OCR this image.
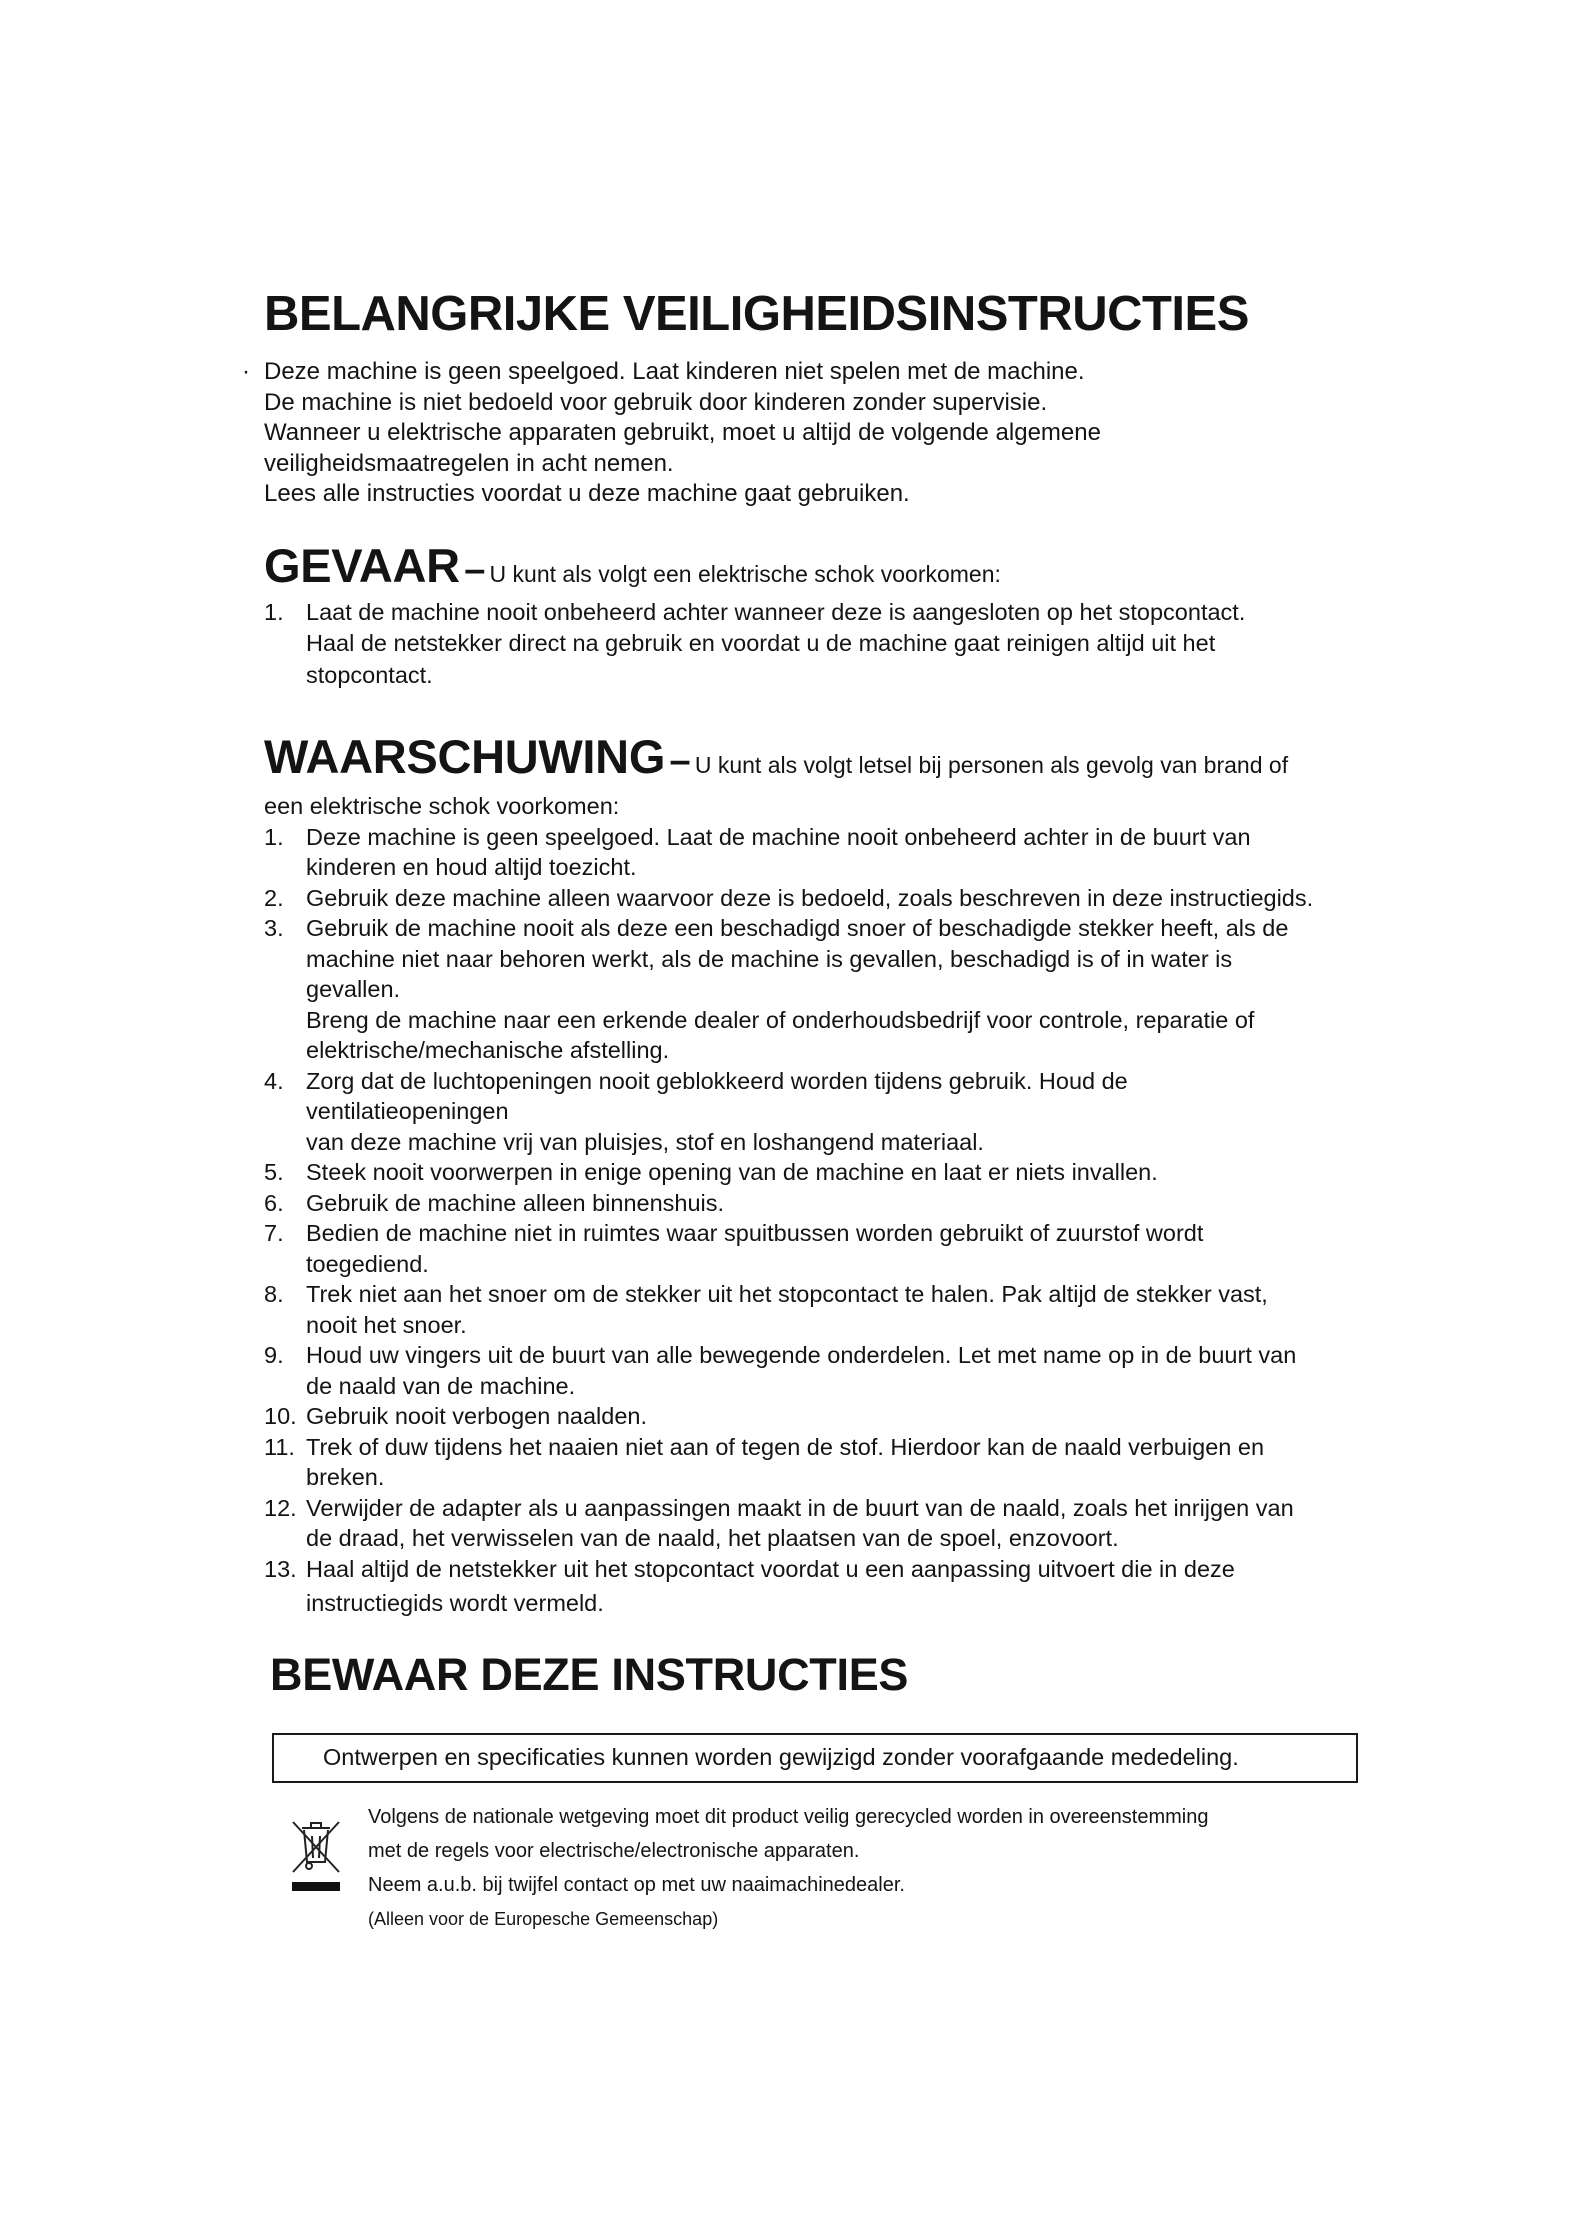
BELANGRIJKE VEILIGHEIDSINSTRUCTIES
· Deze machine is geen speelgoed. Laat kinderen niet spelen met de machine.

De machine is niet bedoeld voor gebruik door kinderen zonder supervisie.

Wanneer u elektrische apparaten gebruikt, moet u altijd de volgende algemene

veiligheidsmaatregelen in acht nemen.

Lees alle instructies voordat u deze machine gaat gebruiken.

GEVAAR – U kunt als volgt een elektrische schok voorkomen:
1. Laat de machine nooit onbeheerd achter wanneer deze is aangesloten op het stopcontact.

Haal de netstekker direct na gebruik en voordat u de machine gaat reinigen altijd uit het

stopcontact.

WAARSCHUWING – U kunt als volgt letsel bij personen als gevolg van brand of

een elektrische schok voorkomen:

1. Deze machine is geen speelgoed. Laat de machine nooit onbeheerd achter in de buurt van

kinderen en houd altijd toezicht.

2. Gebruik deze machine alleen waarvoor deze is bedoeld, zoals beschreven in deze instructiegids.

3. Gebruik de machine nooit als deze een beschadigd snoer of beschadigde stekker heeft, als de

machine niet naar behoren werkt, als de machine is gevallen, beschadigd is of in water is

gevallen.

Breng de machine naar een erkende dealer of onderhoudsbedrijf voor controle, reparatie of

elektrische/mechanische afstelling.

4. Zorg dat de luchtopeningen nooit geblokkeerd worden tijdens gebruik. Houd de

ventilatieopeningen

van deze machine vrij van pluisjes, stof en loshangend materiaal.

5. Steek nooit voorwerpen in enige opening van de machine en laat er niets invallen.

6. Gebruik de machine alleen binnenshuis.

7. Bedien de machine niet in ruimtes waar spuitbussen worden gebruikt of zuurstof wordt

toegediend.

8. Trek niet aan het snoer om de stekker uit het stopcontact te halen. Pak altijd de stekker vast,

nooit het snoer.

9. Houd uw vingers uit de buurt van alle bewegende onderdelen. Let met name op in de buurt van

de naald van de machine.

10. Gebruik nooit verbogen naalden.

11. Trek of duw tijdens het naaien niet aan of tegen de stof. Hierdoor kan de naald verbuigen en

breken.

12. Verwijder de adapter als u aanpassingen maakt in de buurt van de naald, zoals het inrijgen van

de draad, het verwisselen van de naald, het plaatsen van de spoel, enzovoort.

13. Haal altijd de netstekker uit het stopcontact voordat u een aanpassing uitvoert die in deze

instructiegids wordt vermeld.

BEWAAR DEZE INSTRUCTIES
Ontwerpen en specificaties kunnen worden gewijzigd zonder voorafgaande mededeling.

Volgens de nationale wetgeving moet dit product veilig gerecycled worden in overeenstemming

met de regels voor electrische/electronische apparaten.

Neem a.u.b. bij twijfel contact op met uw naaimachinedealer.

(Alleen voor de Europesche Gemeenschap)
